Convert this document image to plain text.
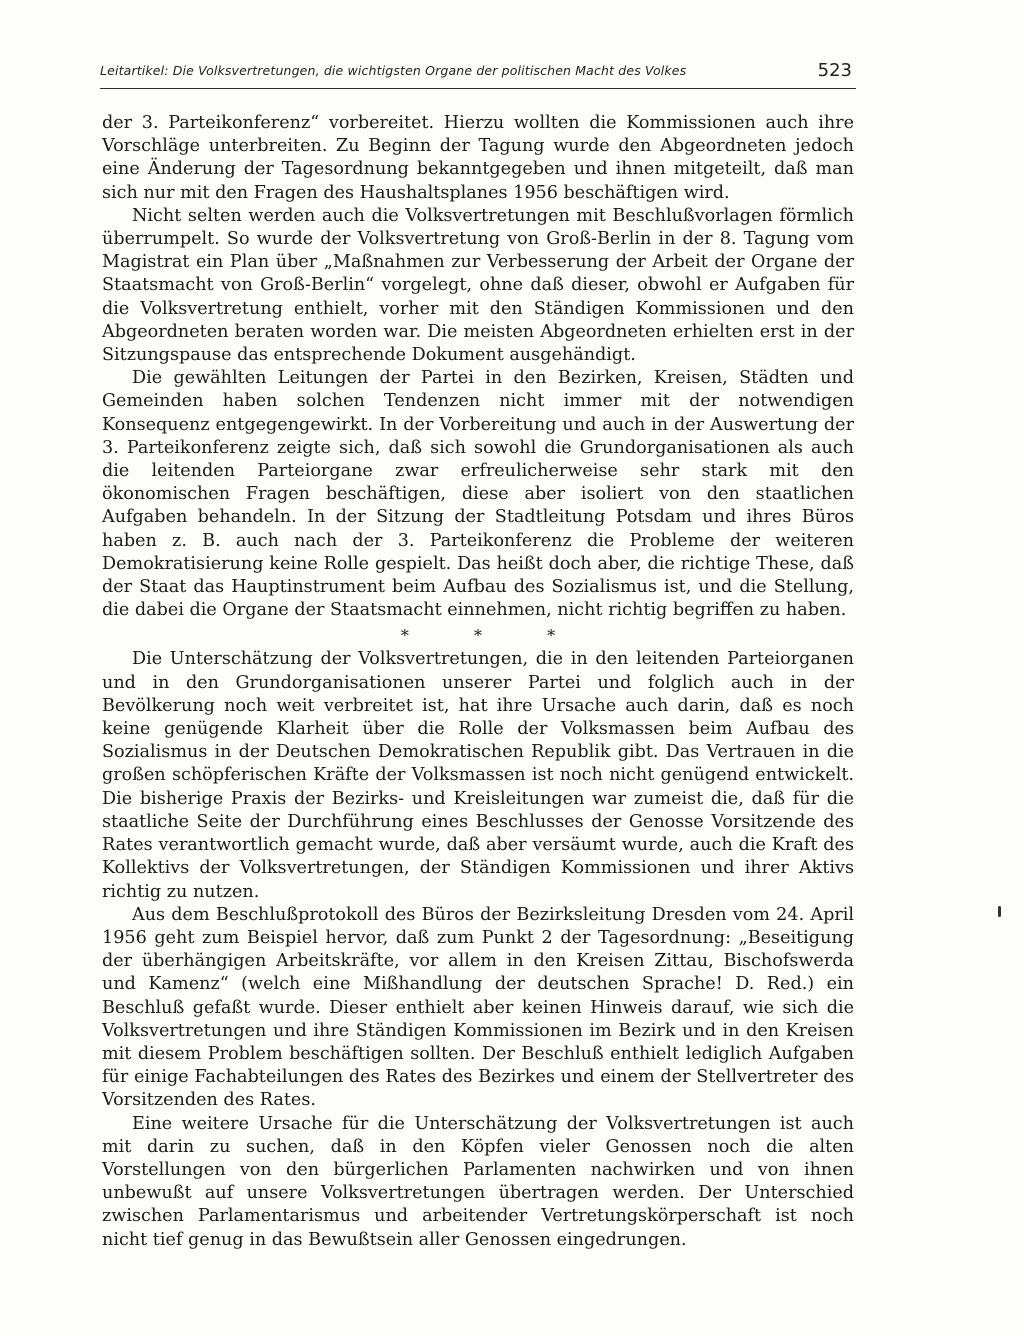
Leitartikel: Die Volksvertretungen, die wichtigsten Organe der politischen Macht des Volkes	523

der 3. Parteikonferenz“ vorbereitet. Hierzu wollten die Kommissionen auch ihre Vorschläge unterbreiten. Zu Beginn der Tagung wurde den Abgeordneten jedoch eine Änderung der Tagesordnung bekanntgegeben und ihnen mitgeteilt, daß man sich nur mit den Fragen des Haushaltsplanes 1956 beschäftigen wird.

Nicht selten werden auch die Volksvertretungen mit Beschlußvorlagen förmlich überrumpelt. So wurde der Volksvertretung von Groß-Berlin in der 8. Tagung vom Magistrat ein Plan über „Maßnahmen zur Verbesserung der Arbeit der Organe der Staatsmacht von Groß-Berlin“ vorgelegt, ohne daß dieser, obwohl er Aufgaben für die Volksvertretung enthielt, vorher mit den Ständigen Kommissionen und den Abgeordneten beraten worden war. Die meisten Abgeordneten erhielten erst in der Sitzungspause das entsprechende Dokument ausgehändigt.

Die gewählten Leitungen der Partei in den Bezirken, Kreisen, Städten und Gemeinden haben solchen Tendenzen nicht immer mit der notwendigen Konsequenz entgegengewirkt. In der Vorbereitung und auch in der Auswertung der 3. Parteikonferenz zeigte sich, daß sich sowohl die Grundorganisationen als auch die leitenden Parteiorgane zwar erfreulicherweise sehr stark mit den ökonomischen Fragen beschäftigen, diese aber isoliert von den staatlichen Aufgaben behandeln. In der Sitzung der Stadtleitung Potsdam und ihres Büros haben z. B. auch nach der 3. Parteikonferenz die Probleme der weiteren Demokratisierung keine Rolle gespielt. Das heißt doch aber, die richtige These, daß der Staat das Hauptinstrument beim Aufbau des Sozialismus ist, und die Stellung, die dabei die Organe der Staatsmacht einnehmen, nicht richtig begriffen zu haben.

* * *

Die Unterschätzung der Volksvertretungen, die in den leitenden Parteiorganen und in den Grundorganisationen unserer Partei und folglich auch in der Bevölkerung noch weit verbreitet ist, hat ihre Ursache auch darin, daß es noch keine genügende Klarheit über die Rolle der Volksmassen beim Aufbau des Sozialismus in der Deutschen Demokratischen Republik gibt. Das Vertrauen in die großen schöpferischen Kräfte der Volksmassen ist noch nicht genügend entwickelt. Die bisherige Praxis der Bezirks- und Kreisleitungen war zumeist die, daß für die staatliche Seite der Durchführung eines Beschlusses der Genosse Vorsitzende des Rates verantwortlich gemacht wurde, daß aber versäumt wurde, auch die Kraft des Kollektivs der Volksvertretungen, der Ständigen Kommissionen und ihrer Aktivs richtig zu nutzen.

Aus dem Beschlußprotokoll des Büros der Bezirksleitung Dresden vom 24. April 1956 geht zum Beispiel hervor, daß zum Punkt 2 der Tagesordnung: „Beseitigung der überhängigen Arbeitskräfte, vor allem in den Kreisen Zittau, Bischofswerda und Kamenz“ (welch eine Mißhandlung der deutschen Sprache! D. Red.) ein Beschluß gefaßt wurde. Dieser enthielt aber keinen Hinweis darauf, wie sich die Volksvertretungen und ihre Ständigen Kommissionen im Bezirk und in den Kreisen mit diesem Problem beschäftigen sollten. Der Beschluß enthielt lediglich Aufgaben für einige Fachabteilungen des Rates des Bezirkes und einem der Stellvertreter des Vorsitzenden des Rates.

Eine weitere Ursache für die Unterschätzung der Volksvertretungen ist auch mit darin zu suchen, daß in den Köpfen vieler Genossen noch die alten Vorstellungen von den bürgerlichen Parlamenten nachwirken und von ihnen unbewußt auf unsere Volksvertretungen übertragen werden. Der Unterschied zwischen Parlamentarismus und arbeitender Vertretungskörperschaft ist noch nicht tief genug in das Bewußtsein aller Genossen eingedrungen.
